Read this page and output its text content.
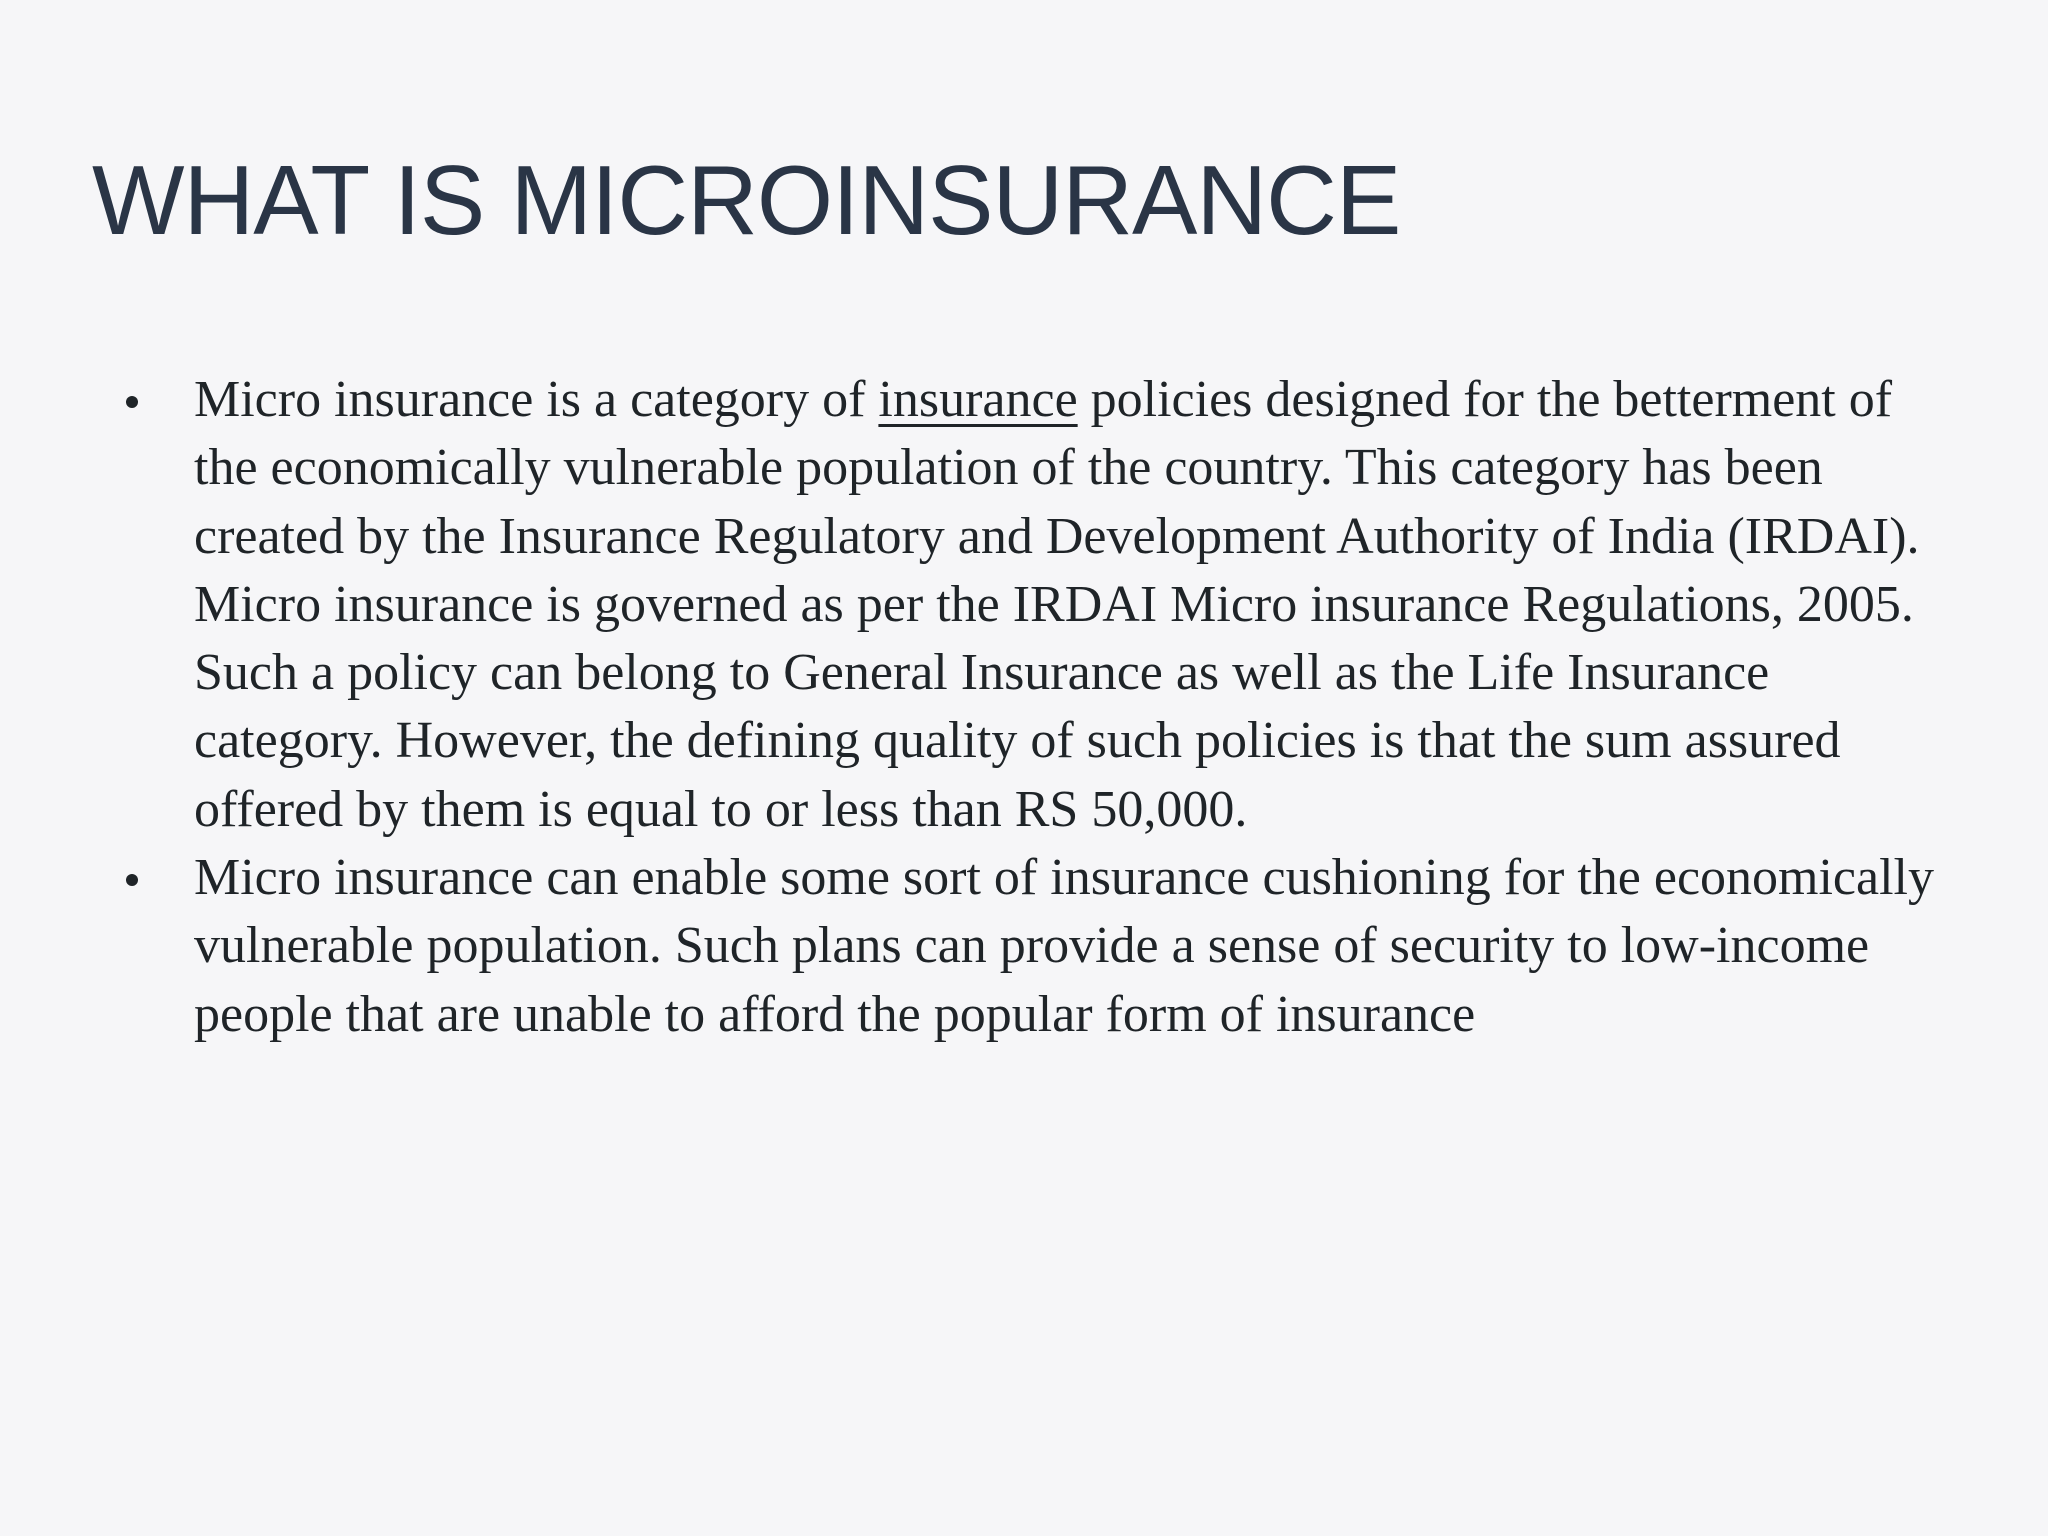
WHAT IS MICROINSURANCE
Micro insurance is a category of insurance policies designed for the betterment of the economically vulnerable population of the country. This category has been created by the Insurance Regulatory and Development Authority of India (IRDAI). Micro insurance is governed as per the IRDAI Micro insurance Regulations, 2005. Such a policy can belong to General Insurance as well as the Life Insurance category. However, the defining quality of such policies is that the sum assured offered by them is equal to or less than RS 50,000.
Micro insurance can enable some sort of insurance cushioning for the economically vulnerable population. Such plans can provide a sense of security to low-income people that are unable to afford the popular form of insurance
